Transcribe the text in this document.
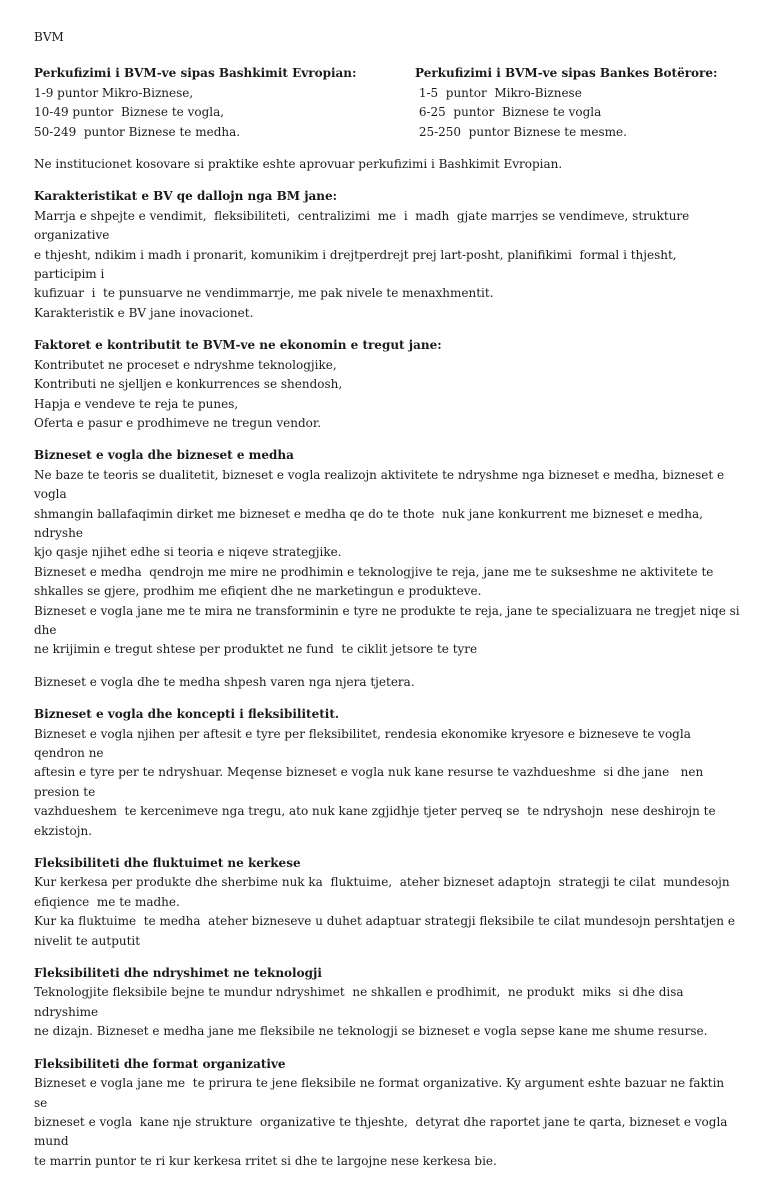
BVM
Perkufizimi i BVM-ve sipas Bashkimit Evropian:
1-9 puntor Mikro-Biznese,
10-49 puntor  Biznese te vogla,
50-249  puntor Biznese te medha.
Perkufizimi i BVM-ve sipas Bankes Botërore:
1-5  puntor  Mikro-Biznese
6-25  puntor  Biznese te vogla
25-250  puntor Biznese te mesme.
Ne institucionet kosovare si praktike eshte aprovuar perkufizimi i Bashkimit Evropian.
Karakteristikat e BV qe dallojn nga BM jane:
Marrja e shpejte e vendimit,  fleksibiliteti,  centralizimi  me  i  madh  gjate marrjes se vendimeve, strukture organizative
e thjesht, ndikim i madh i pronarit, komunikim i drejtperdrejt prej lart-posht, planifikimi  formal i thjesht, participim i
kufizuar  i  te punsuarve ne vendimmarrje, me pak nivele te menaxhmentit.
Karakteristik e BV jane inovacionet.
Faktoret e kontributit te BVM-ve ne ekonomin e tregut jane:
Kontributet ne proceset e ndryshme teknologjike,
Kontributi ne sjelljen e konkurrences se shendosh,
Hapja e vendeve te reja te punes,
Oferta e pasur e prodhimeve ne tregun vendor.
Bizneset e vogla dhe bizneset e medha
Ne baze te teoris se dualitetit, bizneset e vogla realizojn aktivitete te ndryshme nga bizneset e medha, bizneset e vogla
shmangin ballafaqimin dirket me bizneset e medha qe do te thote  nuk jane konkurrent me bizneset e medha,  ndryshe
kjo qasje njihet edhe si teoria e niqeve strategjike.
Bizneset e medha  qendrojn me mire ne prodhimin e teknologjive te reja, jane me te sukseshme ne aktivitete te
shkalles se gjere, prodhim me efiqient dhe ne marketingun e produkteve.
Bizneset e vogla jane me te mira ne transforminin e tyre ne produkte te reja, jane te specializuara ne tregjet niqe si dhe
ne krijimin e tregut shtese per produktet ne fund  te ciklit jetsore te tyre
Bizneset e vogla dhe te medha shpesh varen nga njera tjetera.
Bizneset e vogla dhe koncepti i fleksibilitetit.
Bizneset e vogla njihen per aftesit e tyre per fleksibilitet, rendesia ekonomike kryesore e bizneseve te vogla qendron ne
aftesin e tyre per te ndryshuar. Meqense bizneset e vogla nuk kane resurse te vazhdueshme  si dhe jane   nen presion te
vazhdueshem  te kercenimeve nga tregu, ato nuk kane zgjidhje tjeter perveq se  te ndryshojn  nese deshirojn te
ekzistojn.
Fleksibiliteti dhe fluktuimet ne kerkese
Kur kerkesa per produkte dhe sherbime nuk ka  fluktuime,  ateher bizneset adaptojn  strategji te cilat  mundesojn
efiqience  me te madhe.
Kur ka fluktuime  te medha  ateher bizneseve u duhet adaptuar strategji fleksibile te cilat mundesojn pershtatjen e
nivelit te autputit
Fleksibiliteti dhe ndryshimet ne teknologji
Teknologjite fleksibile bejne te mundur ndryshimet  ne shkallen e prodhimit,  ne produkt  miks  si dhe disa ndryshime
ne dizajn. Bizneset e medha jane me fleksibile ne teknologji se bizneset e vogla sepse kane me shume resurse.
Fleksibiliteti dhe format organizative
Bizneset e vogla jane me  te prirura te jene fleksibile ne format organizative. Ky argument eshte bazuar ne faktin se
bizneset e vogla  kane nje strukture  organizative te thjeshte,  detyrat dhe raportet jane te qarta, bizneset e vogla mund
te marrin puntor te ri kur kerkesa rritet si dhe te largojne nese kerkesa bie.
